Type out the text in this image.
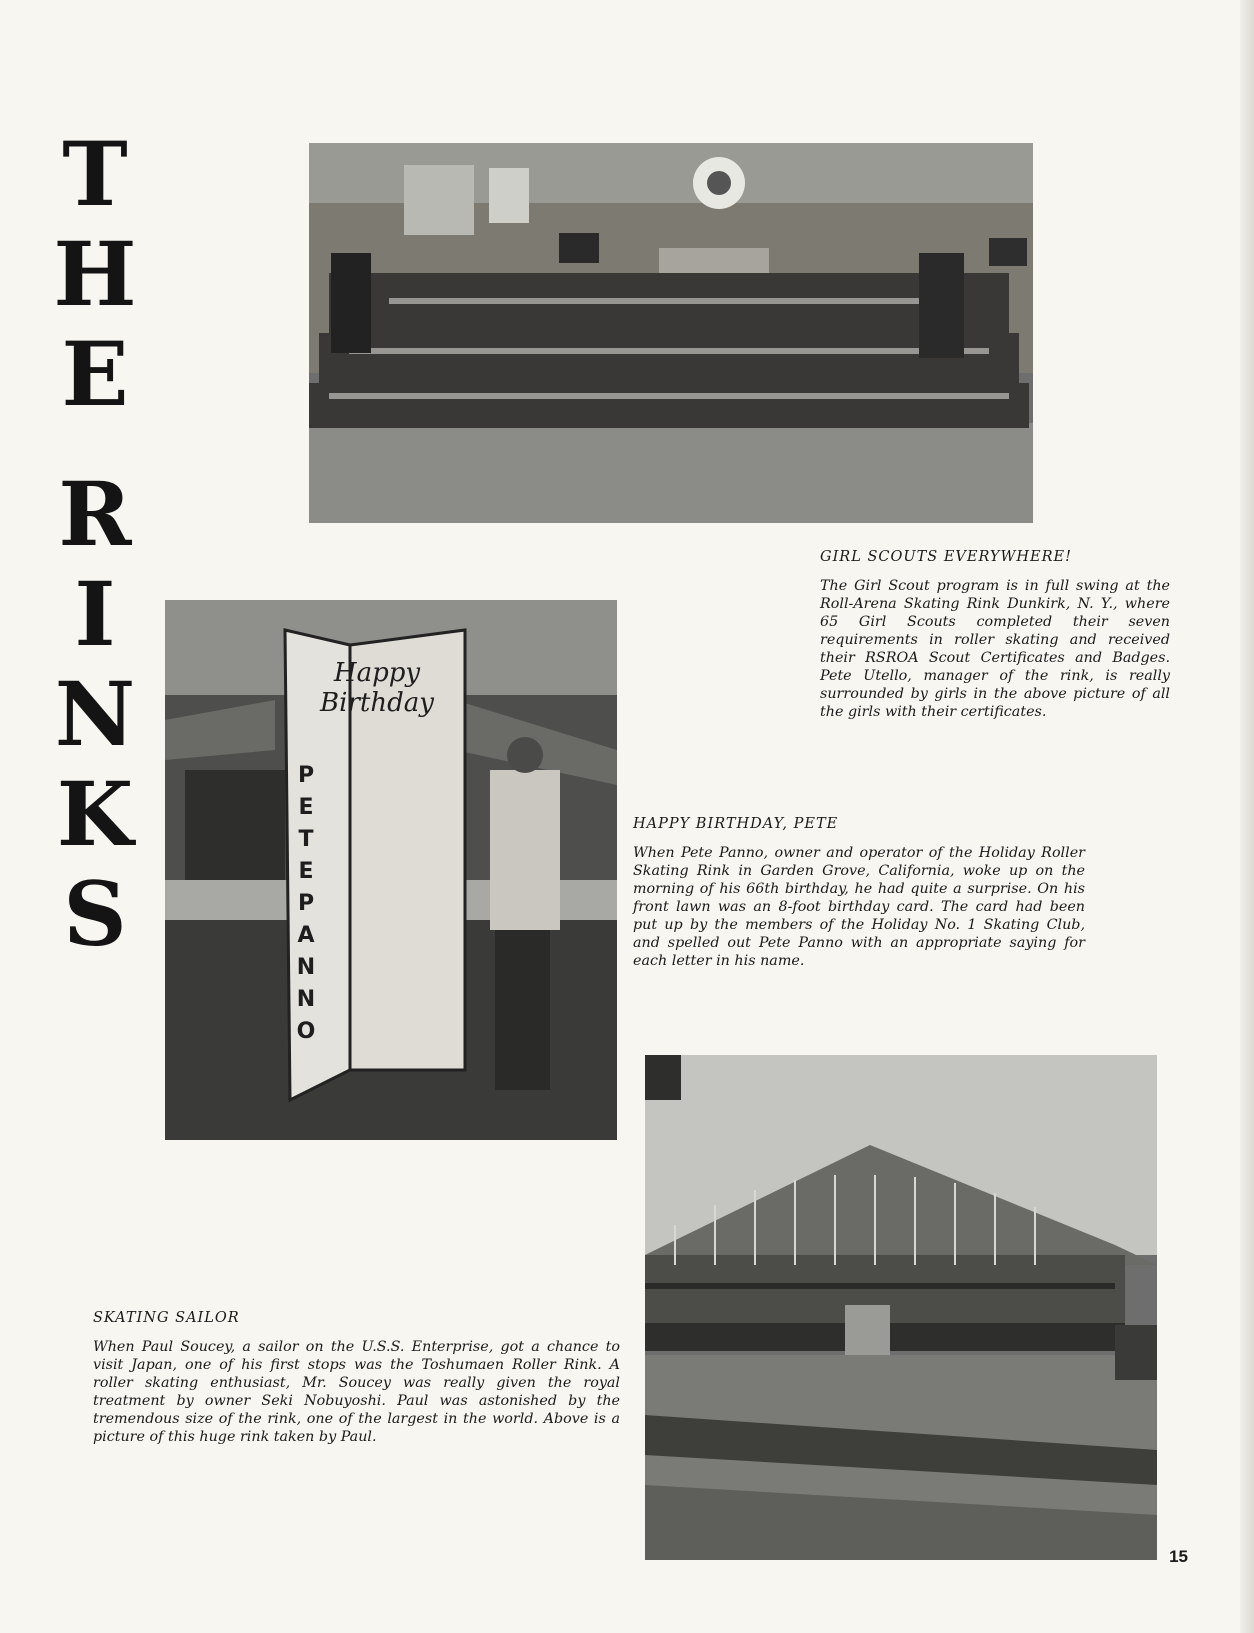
T
H
E
R
I
N
K
S
Happy Birthday
P
E
T
E
P
A
N
N
O

GIRL SCOUTS EVERYWHERE!

The Girl Scout program is in full swing at the Roll-Arena Skating Rink Dunkirk, N. Y., where 65 Girl Scouts completed their seven requirements in roller skating and received their RSROA Scout Certificates and Badges. Pete Utello, manager of the rink, is really surrounded by girls in the above picture of all the girls with their certificates.

HAPPY BIRTHDAY, PETE

When Pete Panno, owner and operator of the Holiday Roller Skating Rink in Garden Grove, California, woke up on the morning of his 66th birthday, he had quite a surprise. On his front lawn was an 8-foot birthday card. The card had been put up by the members of the Holiday No. 1 Skating Club, and spelled out Pete Panno with an appropriate saying for each letter in his name.

SKATING SAILOR

When Paul Soucey, a sailor on the U.S.S. Enterprise, got a chance to visit Japan, one of his first stops was the Toshumaen Roller Rink. A roller skating enthusiast, Mr. Soucey was really given the royal treatment by owner Seki Nobuyoshi. Paul was astonished by the tremendous size of the rink, one of the largest in the world. Above is a picture of this huge rink taken by Paul.

15
